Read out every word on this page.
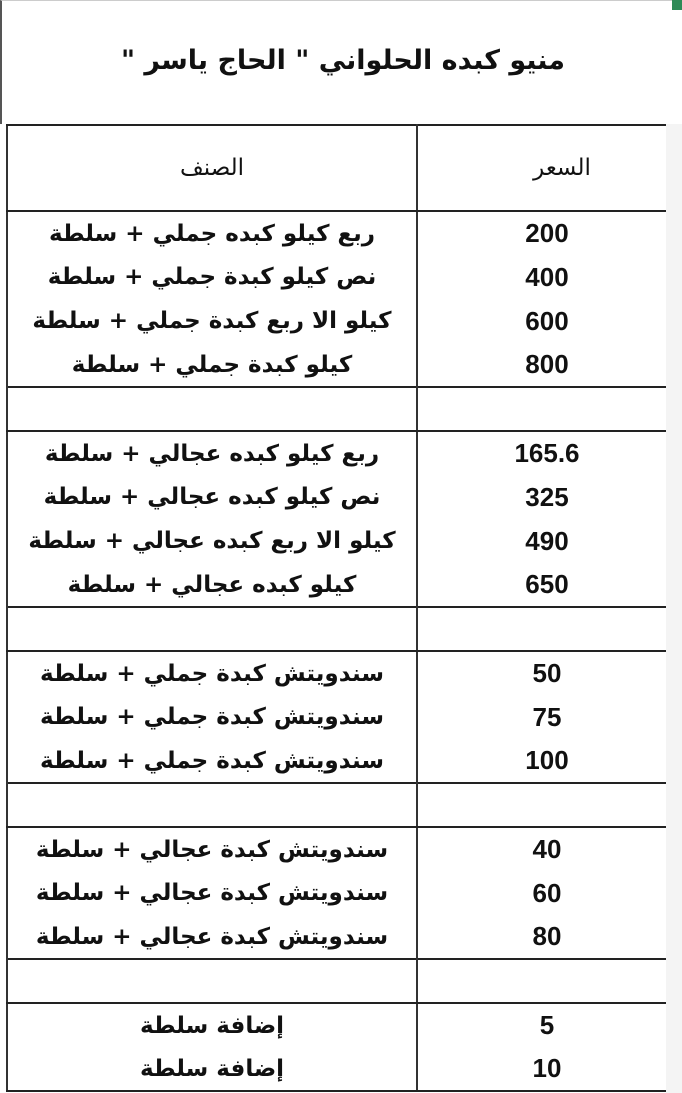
منيو كبده الحلواني " الحاج ياسر "
الصنف	السعر

ربع كيلو كبده جملي + سلطة	200

نص كيلو كبدة جملي + سلطة	400

كيلو الا ربع كبدة جملي + سلطة	600

كيلو كبدة جملي + سلطة	800

ربع كيلو كبده عجالي + سلطة	165.6

نص كيلو كبده عجالي + سلطة	325

كيلو الا ربع كبده عجالي + سلطة	490

كيلو كبده عجالي + سلطة	650

سندويتش كبدة جملي + سلطة	50

سندويتش كبدة جملي + سلطة	75

سندويتش كبدة جملي + سلطة	100

سندويتش كبدة عجالي + سلطة	40

سندويتش كبدة عجالي + سلطة	60

سندويتش كبدة عجالي + سلطة	80

إضافة سلطة	5

إضافة سلطة	10
